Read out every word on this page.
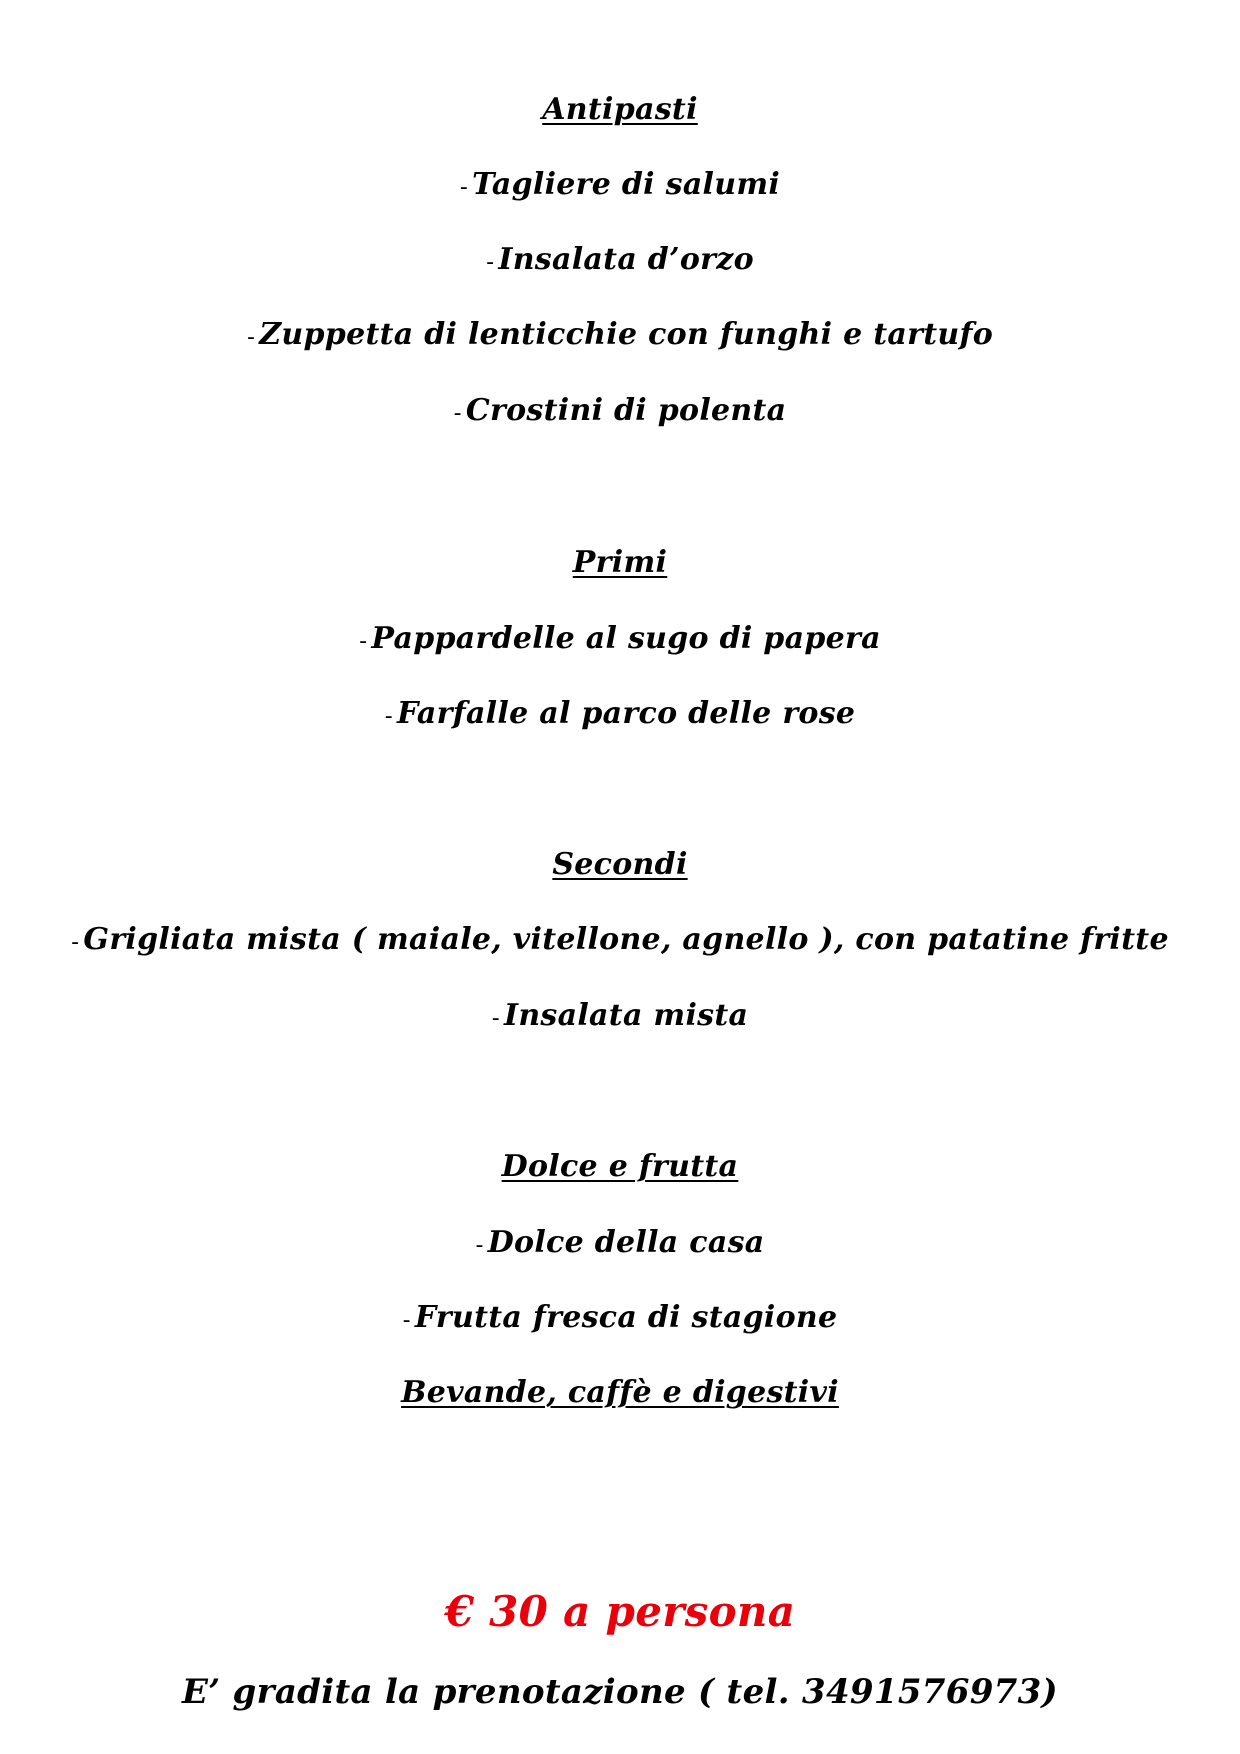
Antipasti
- Tagliere di salumi
- Insalata d’orzo
- Zuppetta di lenticchie con funghi e tartufo
- Crostini di polenta
Primi
- Pappardelle al sugo di papera
- Farfalle al parco delle rose
Secondi
- Grigliata mista ( maiale, vitellone, agnello ), con patatine fritte
- Insalata mista
Dolce e frutta
- Dolce della casa
- Frutta fresca di stagione
Bevande, caffè e digestivi
€ 30 a persona
E’ gradita la prenotazione ( tel. 3491576973)
